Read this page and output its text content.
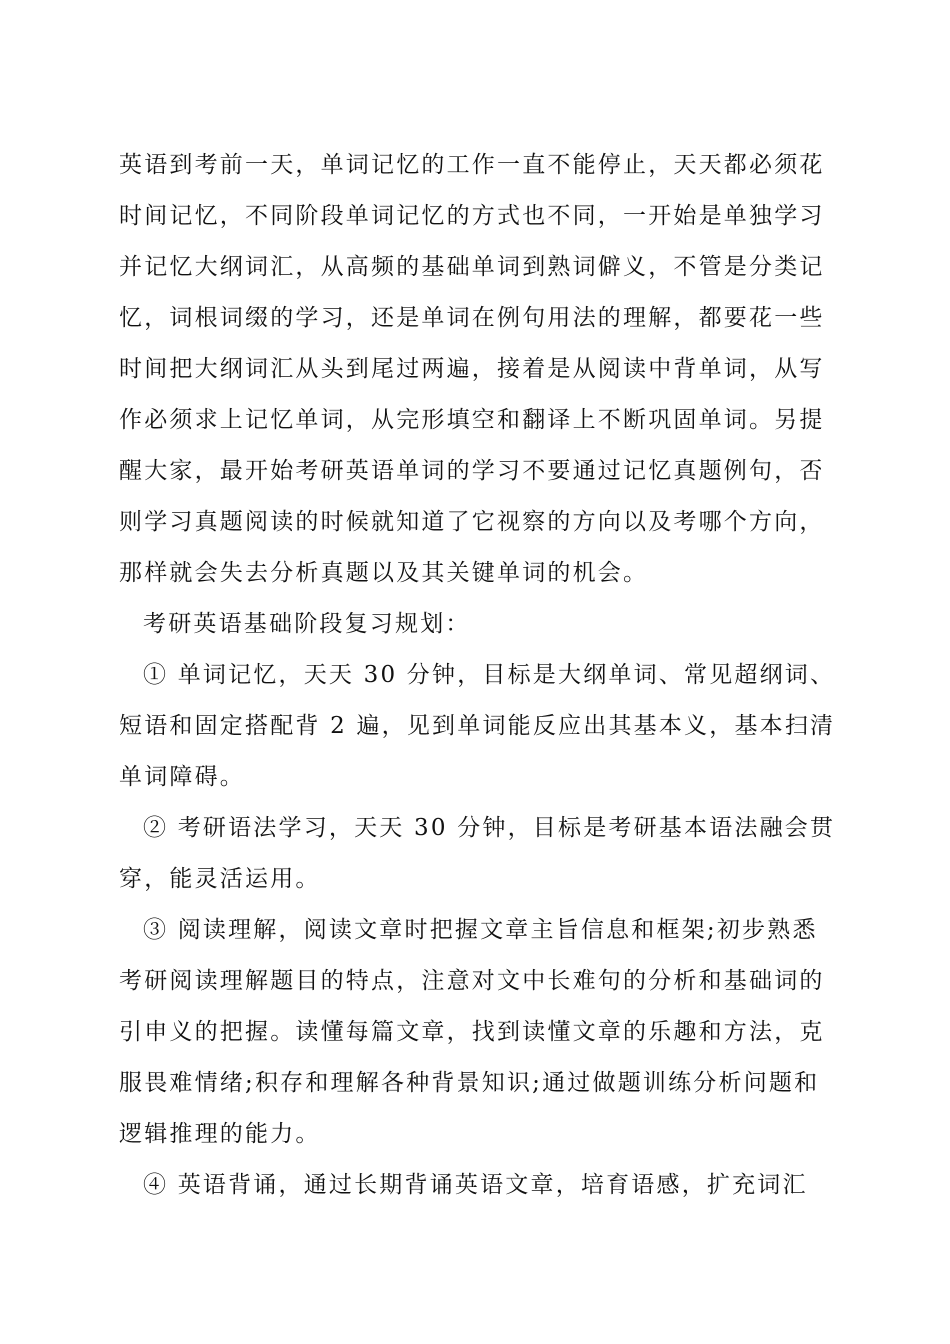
英语到考前一天，单词记忆的工作一直不能停止，天天都必须花
时间记忆，不同阶段单词记忆的方式也不同，一开始是单独学习
并记忆大纲词汇，从高频的基础单词到熟词僻义，不管是分类记
忆，词根词缀的学习，还是单词在例句用法的理解，都要花一些
时间把大纲词汇从头到尾过两遍，接着是从阅读中背单词，从写
作必须求上记忆单词，从完形填空和翻译上不断巩固单词。另提
醒大家，最开始考研英语单词的学习不要通过记忆真题例句，否
则学习真题阅读的时候就知道了它视察的方向以及考哪个方向，
那样就会失去分析真题以及其关键单词的机会。
考研英语基础阶段复习规划：
① 单词记忆，天天 30 分钟，目标是大纲单词、常见超纲词、
短语和固定搭配背 2 遍，见到单词能反应出其基本义，基本扫清
单词障碍。
② 考研语法学习，天天 30 分钟，目标是考研基本语法融会贯
穿，能灵活运用。
③ 阅读理解，阅读文章时把握文章主旨信息和框架;初步熟悉
考研阅读理解题目的特点，注意对文中长难句的分析和基础词的
引申义的把握。读懂每篇文章，找到读懂文章的乐趣和方法，克
服畏难情绪;积存和理解各种背景知识;通过做题训练分析问题和
逻辑推理的能力。
④ 英语背诵，通过长期背诵英语文章，培育语感，扩充词汇
